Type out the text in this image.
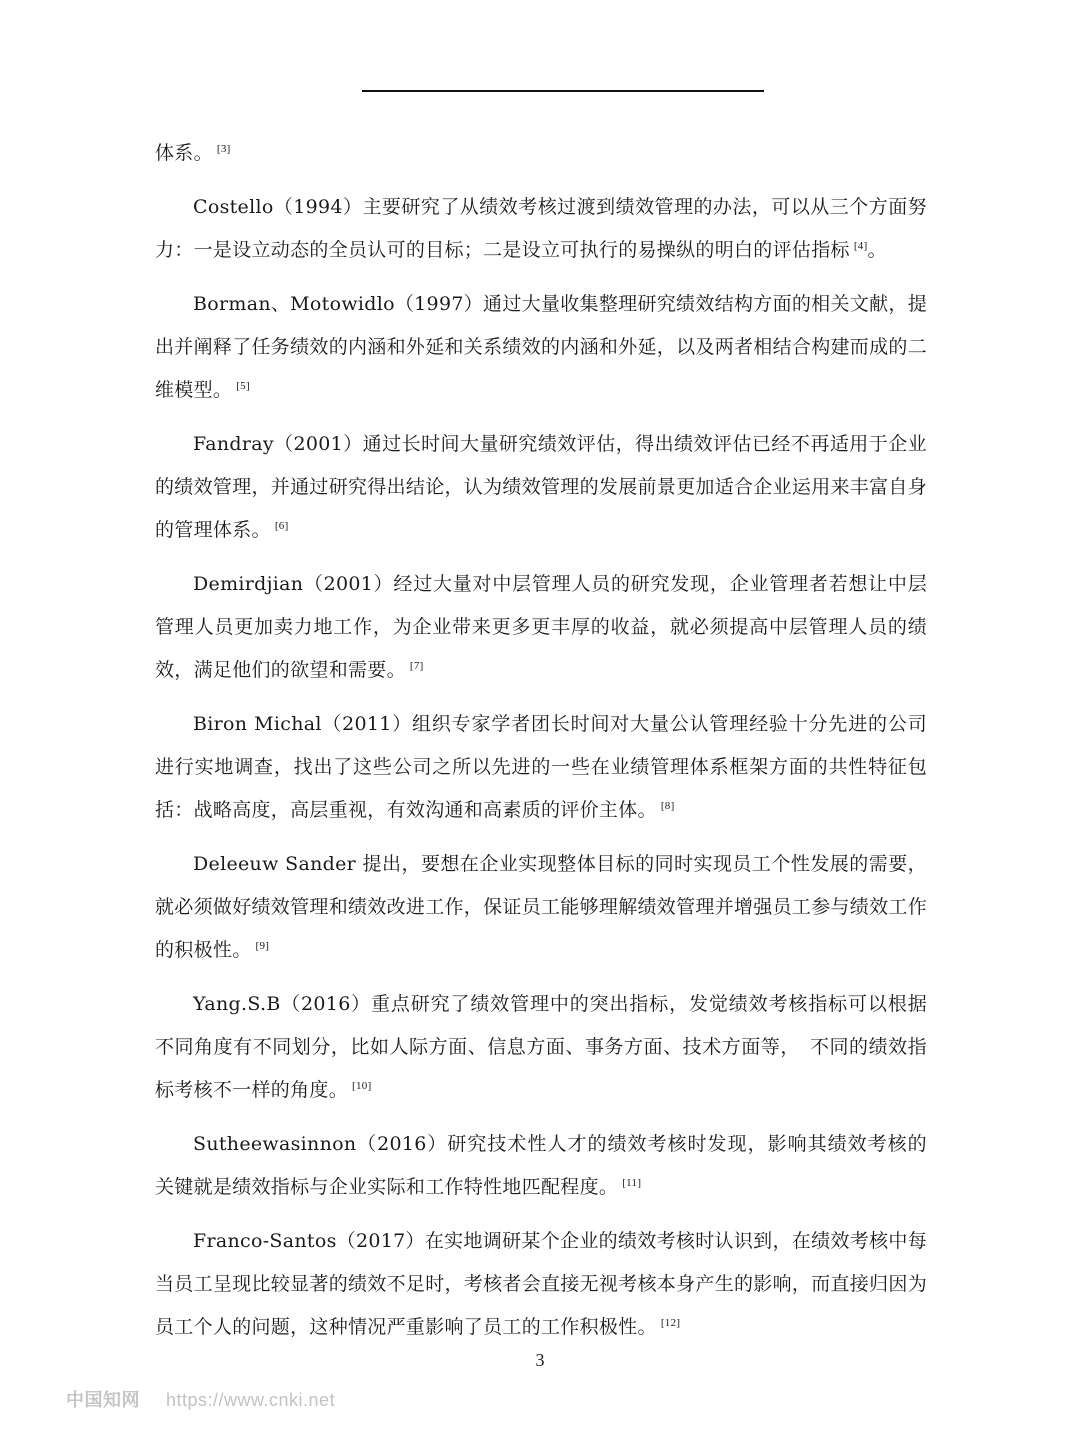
体系。 [3]

Costello（1994）主要研究了从绩效考核过渡到绩效管理的办法，可以从三个方面努力：一是设立动态的全员认可的目标；二是设立可执行的易操纵的明白的评估指标 [4]。

Borman、Motowidlo（1997）通过大量收集整理研究绩效结构方面的相关文献，提出并阐释了任务绩效的内涵和外延和关系绩效的内涵和外延，以及两者相结合构建而成的二维模型。 [5]

Fandray（2001）通过长时间大量研究绩效评估，得出绩效评估已经不再适用于企业的绩效管理，并通过研究得出结论，认为绩效管理的发展前景更加适合企业运用来丰富自身的管理体系。 [6]

Demirdjian（2001）经过大量对中层管理人员的研究发现，企业管理者若想让中层管理人员更加卖力地工作，为企业带来更多更丰厚的收益，就必须提高中层管理人员的绩效，满足他们的欲望和需要。 [7]

Biron Michal（2011）组织专家学者团长时间对大量公认管理经验十分先进的公司进行实地调查，找出了这些公司之所以先进的一些在业绩管理体系框架方面的共性特征包括：战略高度，高层重视，有效沟通和高素质的评价主体。 [8]

Deleeuw Sander 提出，要想在企业实现整体目标的同时实现员工个性发展的需要，就必须做好绩效管理和绩效改进工作，保证员工能够理解绩效管理并增强员工参与绩效工作的积极性。 [9]

Yang.S.B（2016）重点研究了绩效管理中的突出指标，发觉绩效考核指标可以根据不同角度有不同划分，比如人际方面、信息方面、事务方面、技术方面等，　不同的绩效指标考核不一样的角度。 [10]

Sutheewasinnon（2016）研究技术性人才的绩效考核时发现，影响其绩效考核的关键就是绩效指标与企业实际和工作特性地匹配程度。 [11]

Franco-Santos（2017）在实地调研某个企业的绩效考核时认识到，在绩效考核中每当员工呈现比较显著的绩效不足时，考核者会直接无视考核本身产生的影响，而直接归因为员工个人的问题，这种情况严重影响了员工的工作积极性。 [12]

3
中国知网 https://www.cnki.net
